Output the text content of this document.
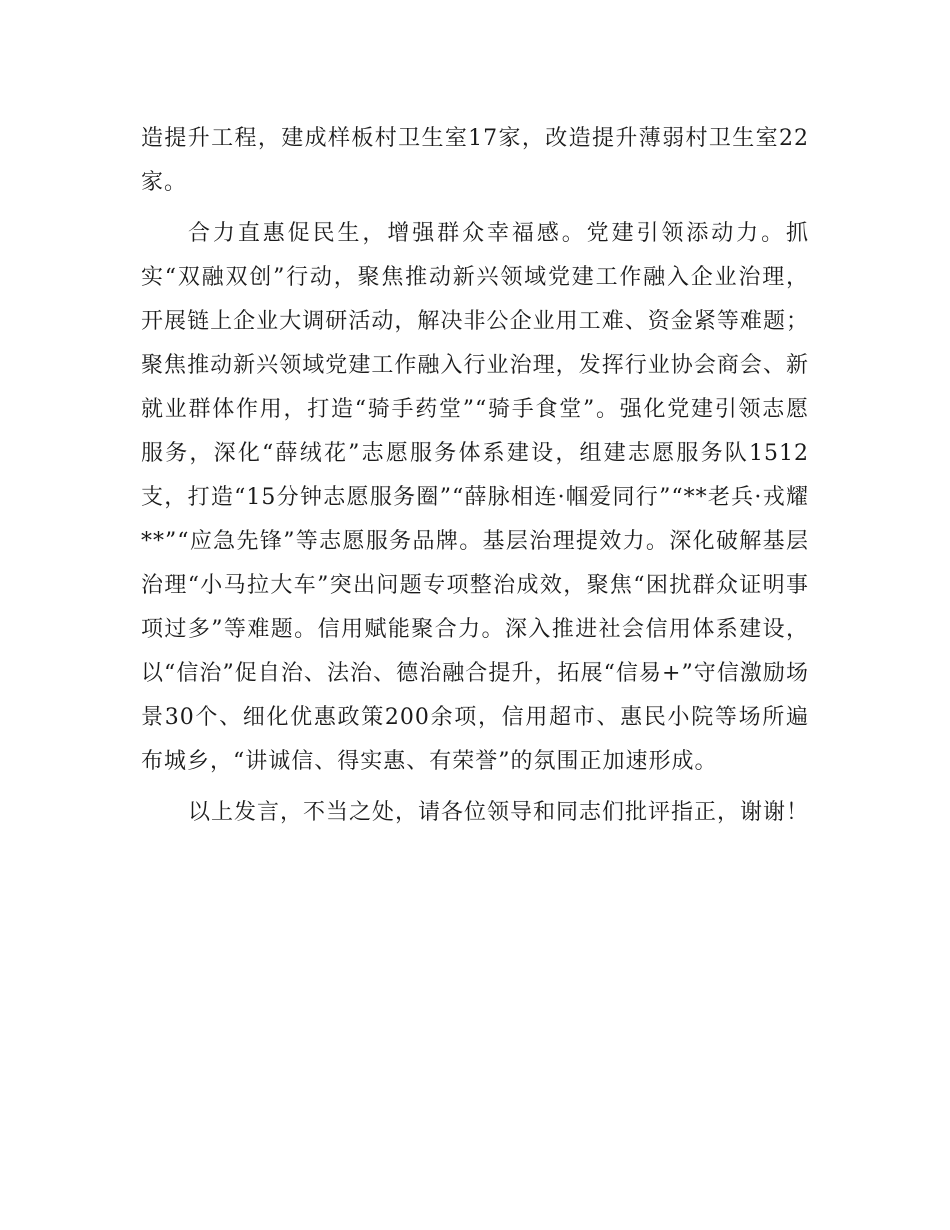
造提升工程，建成样板村卫生室17家，改造提升薄弱村卫生室22家。

合力直惠促民生，增强群众幸福感。党建引领添动力。抓实“双融双创”行动，聚焦推动新兴领域党建工作融入企业治理，开展链上企业大调研活动，解决非公企业用工难、资金紧等难题；聚焦推动新兴领域党建工作融入行业治理，发挥行业协会商会、新就业群体作用，打造“骑手药堂”“骑手食堂”。强化党建引领志愿服务，深化“薛绒花”志愿服务体系建设，组建志愿服务队1512支，打造“15分钟志愿服务圈”“薛脉相连·帼爱同行”“**老兵·戎耀**”“应急先锋”等志愿服务品牌。基层治理提效力。深化破解基层治理“小马拉大车”突出问题专项整治成效，聚焦“困扰群众证明事项过多”等难题。信用赋能聚合力。深入推进社会信用体系建设，以“信治”促自治、法治、德治融合提升，拓展“信易+”守信激励场景30个、细化优惠政策200余项，信用超市、惠民小院等场所遍布城乡，“讲诚信、得实惠、有荣誉”的氛围正加速形成。

以上发言，不当之处，请各位领导和同志们批评指正，谢谢！
